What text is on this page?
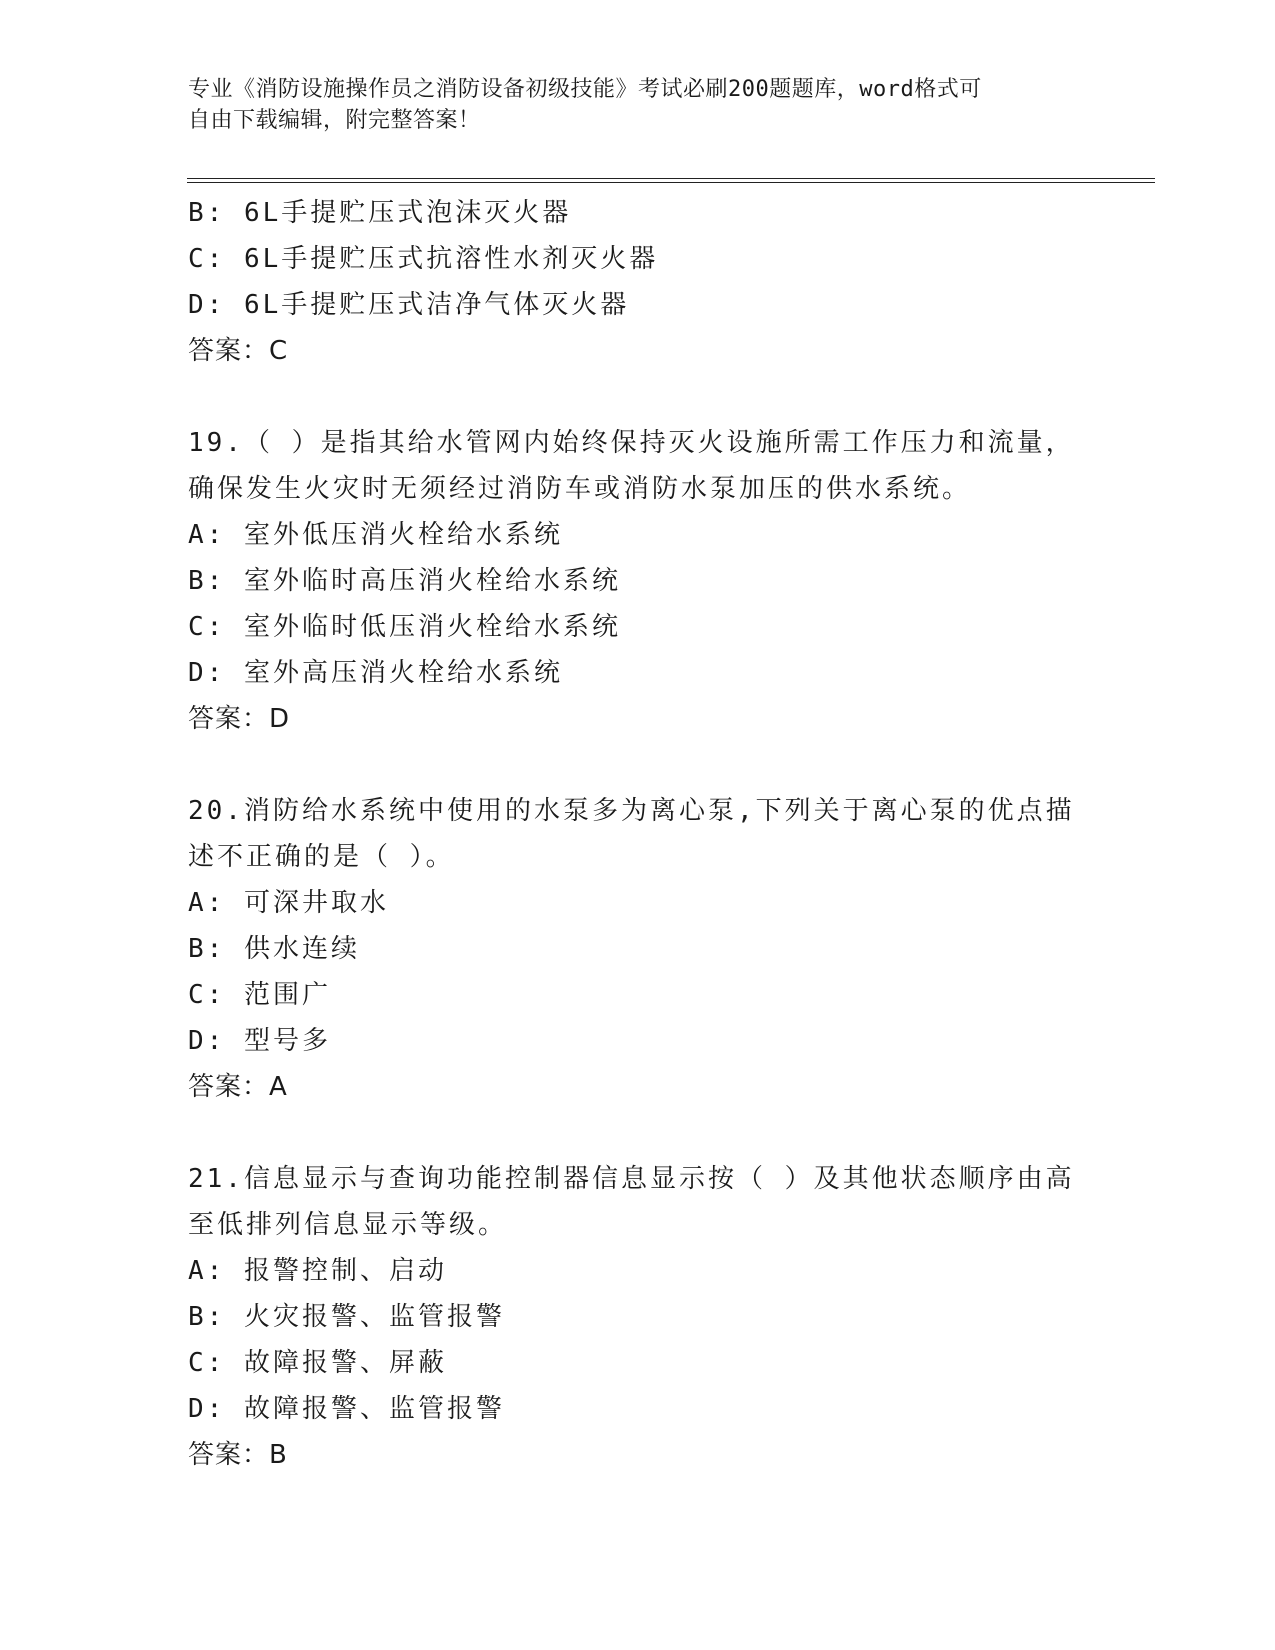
专业《消防设施操作员之消防设备初级技能》考试必刷200题题库，word格式可
自由下载编辑，附完整答案！
B: 6L手提贮压式泡沫灭火器
C: 6L手提贮压式抗溶性水剂灭火器
D: 6L手提贮压式洁净气体灭火器
答案：C
19.（ ）是指其给水管网内始终保持灭火设施所需工作压力和流量，
确保发生火灾时无须经过消防车或消防水泵加压的供水系统。
A: 室外低压消火栓给水系统
B: 室外临时高压消火栓给水系统
C: 室外临时低压消火栓给水系统
D: 室外高压消火栓给水系统
答案：D
20.消防给水系统中使用的水泵多为离心泵,下列关于离心泵的优点描
述不正确的是（ ）。
A: 可深井取水
B: 供水连续
C: 范围广
D: 型号多
答案：A
21.信息显示与查询功能控制器信息显示按（ ）及其他状态顺序由高
至低排列信息显示等级。
A: 报警控制、启动
B: 火灾报警、监管报警
C: 故障报警、屏蔽
D: 故障报警、监管报警
答案：B
